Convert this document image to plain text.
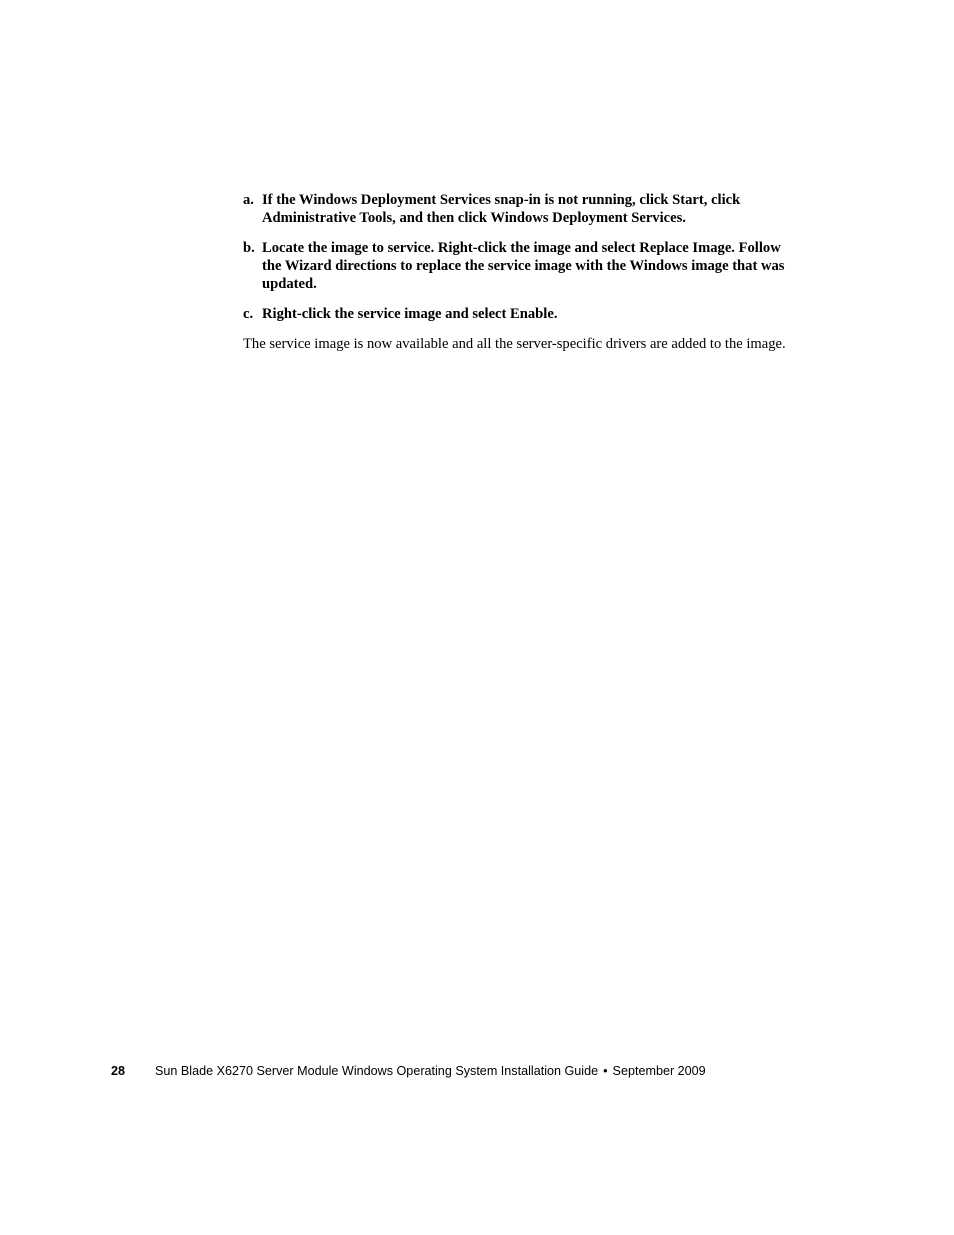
a. If the Windows Deployment Services snap-in is not running, click Start, click Administrative Tools, and then click Windows Deployment Services.
b. Locate the image to service. Right-click the image and select Replace Image. Follow the Wizard directions to replace the service image with the Windows image that was updated.
c. Right-click the service image and select Enable.

The service image is now available and all the server-specific drivers are added to the image.

28 Sun Blade X6270 Server Module Windows Operating System Installation Guide • September 2009
